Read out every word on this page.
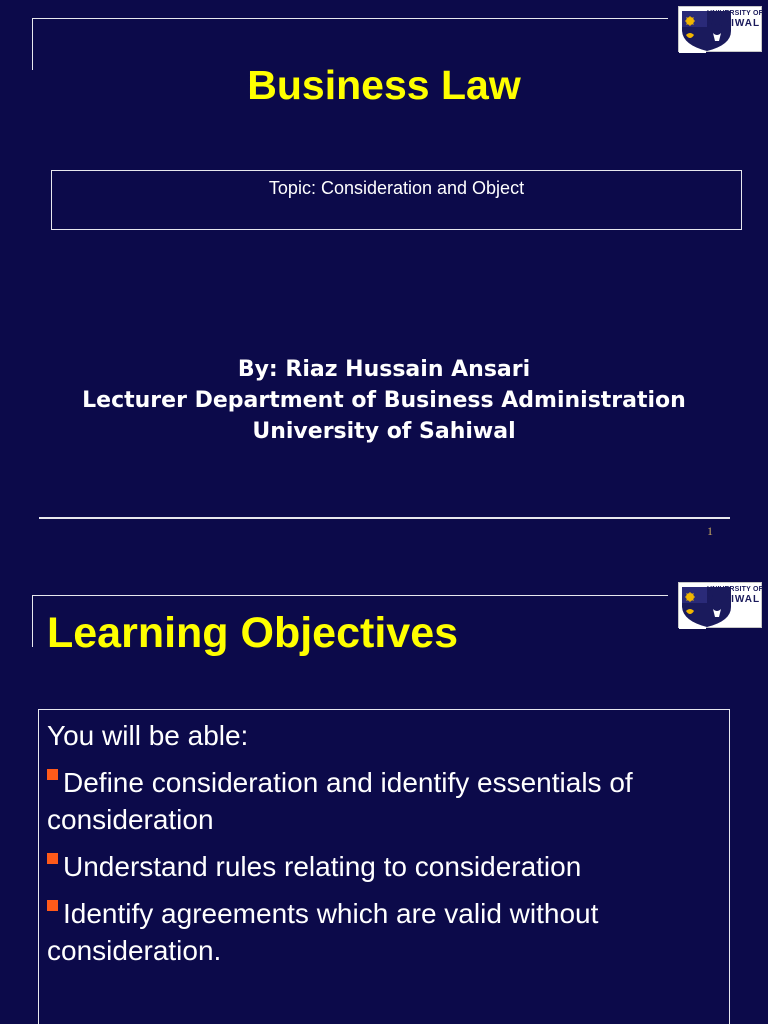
UNIVERSITY OF
SAHIWAL
Business Law
Topic: Consideration and Object
By: Riaz Hussain Ansari
Lecturer Department of Business Administration
University of Sahiwal
1
UNIVERSITY OF
SAHIWAL
Learning Objectives
You will be able:
Define consideration and identify essentials of consideration
Understand rules relating to consideration
Identify agreements which are valid without consideration.
